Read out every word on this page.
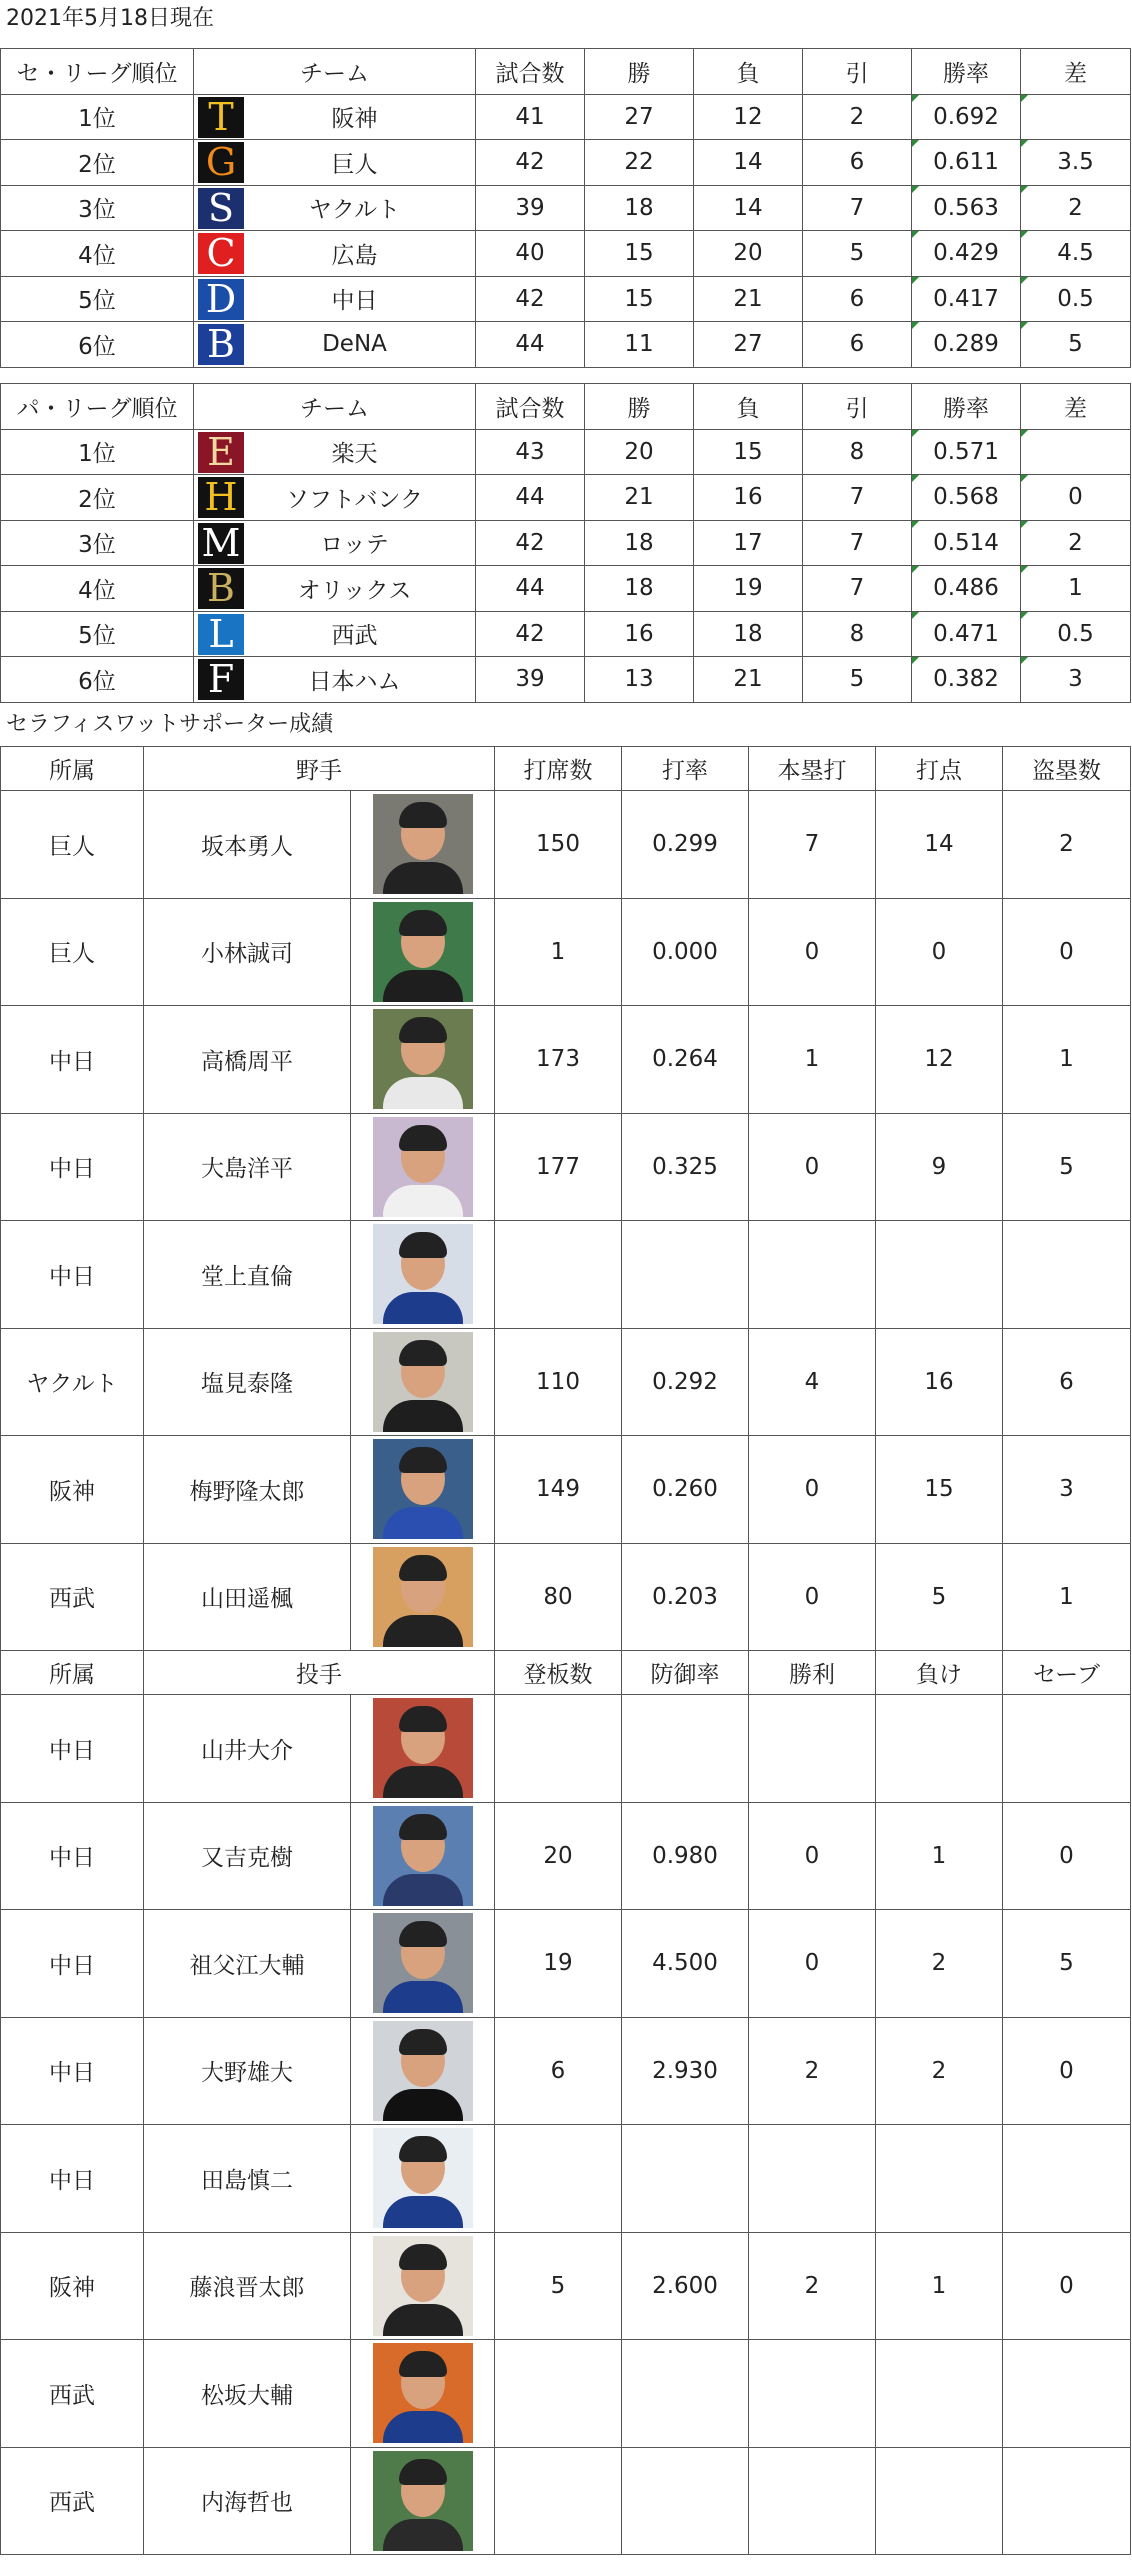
2021年5月18日現在
セ・リーグ順位	チーム	試合数	勝	負	引	勝率	差
1位	T 阪神	41	27	12	2	0.692	
2位	G 巨人	42	22	14	6	0.611	3.5
3位	S ヤクルト	39	18	14	7	0.563	2
4位	C 広島	40	15	20	5	0.429	4.5
5位	D 中日	42	15	21	6	0.417	0.5
6位	B DeNA	44	11	27	6	0.289	5
パ・リーグ順位	チーム	試合数	勝	負	引	勝率	差
1位	E 楽天	43	20	15	8	0.571	
2位	H ソフトバンク	44	21	16	7	0.568	0
3位	M ロッテ	42	18	17	7	0.514	2
4位	B オリックス	44	18	19	7	0.486	1
5位	L 西武	42	16	18	8	0.471	0.5
6位	F 日本ハム	39	13	21	5	0.382	3
セラフィスワットサポーター成績
所属	野手		打席数	打率	本塁打	打点	盗塁数
巨人	坂本勇人		150	0.299	7	14	2
巨人	小林誠司		1	0.000	0	0	0
中日	高橋周平		173	0.264	1	12	1
中日	大島洋平		177	0.325	0	9	5
中日	堂上直倫	

ヤクルト	塩見泰隆		110	0.292	4	16	6
阪神	梅野隆太郎		149	0.260	0	15	3
西武	山田遥楓		80	0.203	0	5	1
所属	投手		登板数	防御率	勝利	負け	セーブ
中日	山井大介	

中日	又吉克樹		20	0.980	0	1	0
中日	祖父江大輔		19	4.500	0	2	5
中日	大野雄大		6	2.930	2	2	0
中日	田島慎二	

阪神	藤浪晋太郎		5	2.600	2	1	0
西武	松坂大輔	

西武	内海哲也	
